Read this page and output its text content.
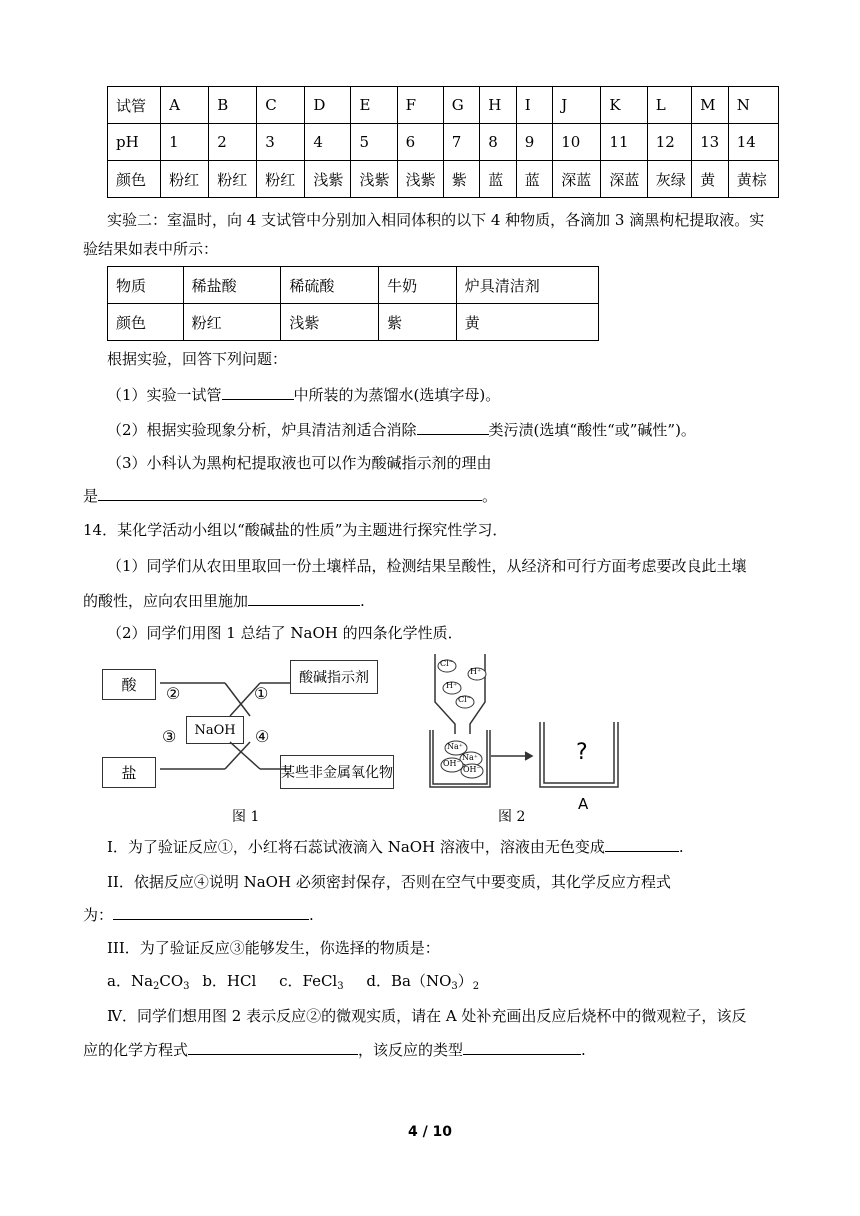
试管	A	B	C	D	E	F	G	H	I	J	K	L	M	N
pH	1	2	3	4	5	6	7	8	9	10	11	12	13	14
颜色	粉红	粉红	粉红	浅紫	浅紫	浅紫	紫	蓝	蓝	深蓝	深蓝	灰绿	黄	黄棕
实验二：室温时，向 4 支试管中分别加入相同体积的以下 4 种物质，各滴加 3 滴黑枸杞提取液。实
验结果如表中所示：
物质	稀盐酸	稀硫酸	牛奶	炉具清洁剂
颜色	粉红	浅紫	紫	黄
根据实验，回答下列问题：
（1）实验一试管	中所装的为蒸馏水(选填字母)。
（2）根据实验现象分析，炉具清洁剂适合消除	类污渍(选填“酸性“或”碱性”)。
（3）小科认为黑枸杞提取液也可以作为酸碱指示剂的理由
是	。
14．某化学活动小组以“酸碱盐的性质”为主题进行探究性学习．
（1）同学们从农田里取回一份土壤样品，检测结果呈酸性，从经济和可行方面考虑要改良此土壤
的酸性，应向农田里施加	.
（2）同学们用图 1 总结了 NaOH 的四条化学性质．
酸
盐
NaOH
酸碱指示剂
某些非金属氧化物
②	①
③	④
图 1
Cl⁻
H⁺
H⁺
Cl⁻
Na⁺
Na⁺
OH⁻
OH⁻
?
A
图 2
I．为了验证反应①，小红将石蕊试液滴入 NaOH 溶液中，溶液由无色变成	.
II．依据反应④说明 NaOH 必须密封保存，否则在空气中要变质，其化学反应方程式
为：	.
III．为了验证反应③能够发生，你选择的物质是：
a．$Na_2CO_3$ b．HCl c．FeCl$_3$ d．$Ba(NO_3)_2$
Ⅳ．同学们想用图 2 表示反应②的微观实质，请在 A 处补充画出反应后烧杯中的微观粒子，该反
应的化学方程式	，该反应的类型	.
4 / 10
